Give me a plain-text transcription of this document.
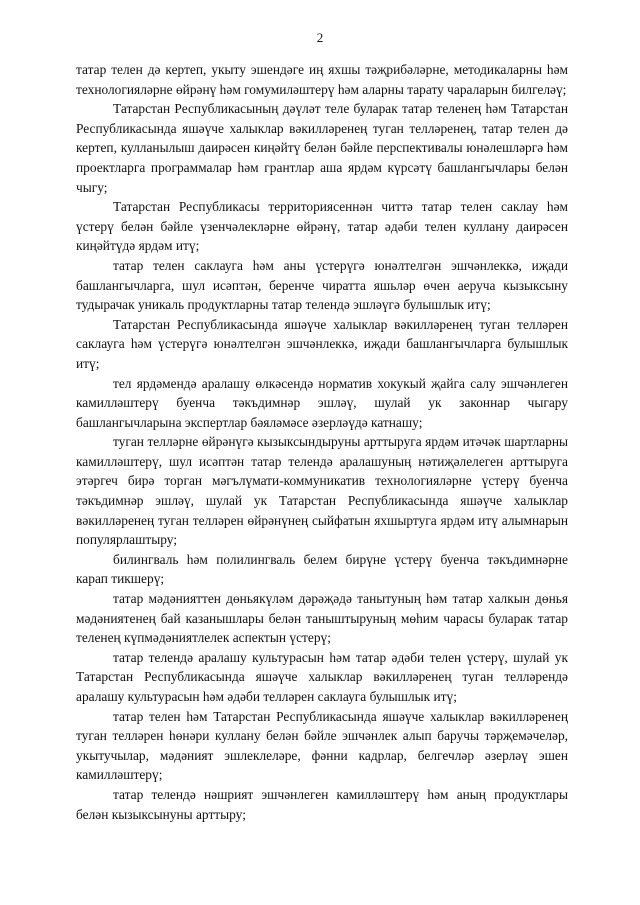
2

татар телен дә кертеп, укыту эшендәге иң яхшы тәҗрибәләрне, методикаларны һәм технологияләрне өйрәнү һәм гомумиләштерү һәм аларны тарату чараларын билгеләү;

Татарстан Республикасының дәүләт теле буларак татар теленең һәм Татарстан Республикасында яшәүче халыклар вәкилләренең туган телләренең, татар телен дә кертеп, кулланылыш даирәсен киңәйтү белән бәйле перспективалы юнәлешләргә һәм проектларга программалар һәм грантлар аша ярдәм күрсәтү башлангычлары белән чыгу;

Татарстан Республикасы территориясеннән читтә татар телен саклау һәм үстерү белән бәйле үзенчәлекләрне өйрәнү, татар әдәби телен куллану даирәсен киңәйтүдә ярдәм итү;

татар телен саклауга һәм аны үстерүгә юнәлтелгән эшчәнлеккә, иҗади башлангычларга, шул исәптән, беренче чиратта яшьләр өчен аеруча кызыксыну тудырачак уникаль продуктларны татар телендә эшләүгә булышлык итү;

Татарстан Республикасында яшәүче халыклар вәкилләренең туган телләрен саклауга һәм үстерүгә юнәлтелгән эшчәнлеккә, иҗади башлангычларга булышлык итү;

тел ярдәмендә аралашу өлкәсендә норматив хокукый җайга салу эшчәнлеген камилләштерү буенча тәкъдимнәр эшләү, шулай ук законнар чыгару башлангычларына экспертлар бәяләмәсе әзерләүдә катнашу;

туган телләрне өйрәнүгә кызыксындыруны арттыруга ярдәм итәчәк шартларны камилләштерү, шул исәптән татар телендә аралашуның нәтиҗәлелеген арттыруга этәргеч бирә торган мәгълүмати-коммуникатив технологияләрне үстерү буенча тәкъдимнәр эшләү, шулай ук Татарстан Республикасында яшәүче халыклар вәкилләренең туган телләрен өйрәнүнең сыйфатын яхшыртуга ярдәм итү алымнарын популярлаштыру;

билингваль һәм полилингваль белем бирүне үстерү буенча тәкъдимнәрне карап тикшерү;

татар мәдәнияттен дөньякүләм дәрәҗәдә танытуның һәм татар халкын дөнья мәдәниятенең бай казанышлары белән таныштыруның мөһим чарасы буларак татар теленең күпмәдәниятлелек аспектын үстерү;

татар телендә аралашу культурасын һәм татар әдәби телен үстерү, шулай ук Татарстан Республикасында яшәүче халыклар вәкилләренең туган телләрендә аралашу культурасын һәм әдәби телләрен саклауга булышлык итү;

татар телен һәм Татарстан Республикасында яшәүче халыклар вәкилләренең туган телләрен һөнәри куллану белән бәйле эшчәнлек алып баручы тәрҗемәчеләр, укытучылар, мәдәният эшлеклеләре, фәнни кадрлар, белгечләр әзерләү эшен камилләштерү;

татар телендә нәшрият эшчәнлеген камилләштерү һәм аның продуктлары белән кызыксынуны арттыру;
